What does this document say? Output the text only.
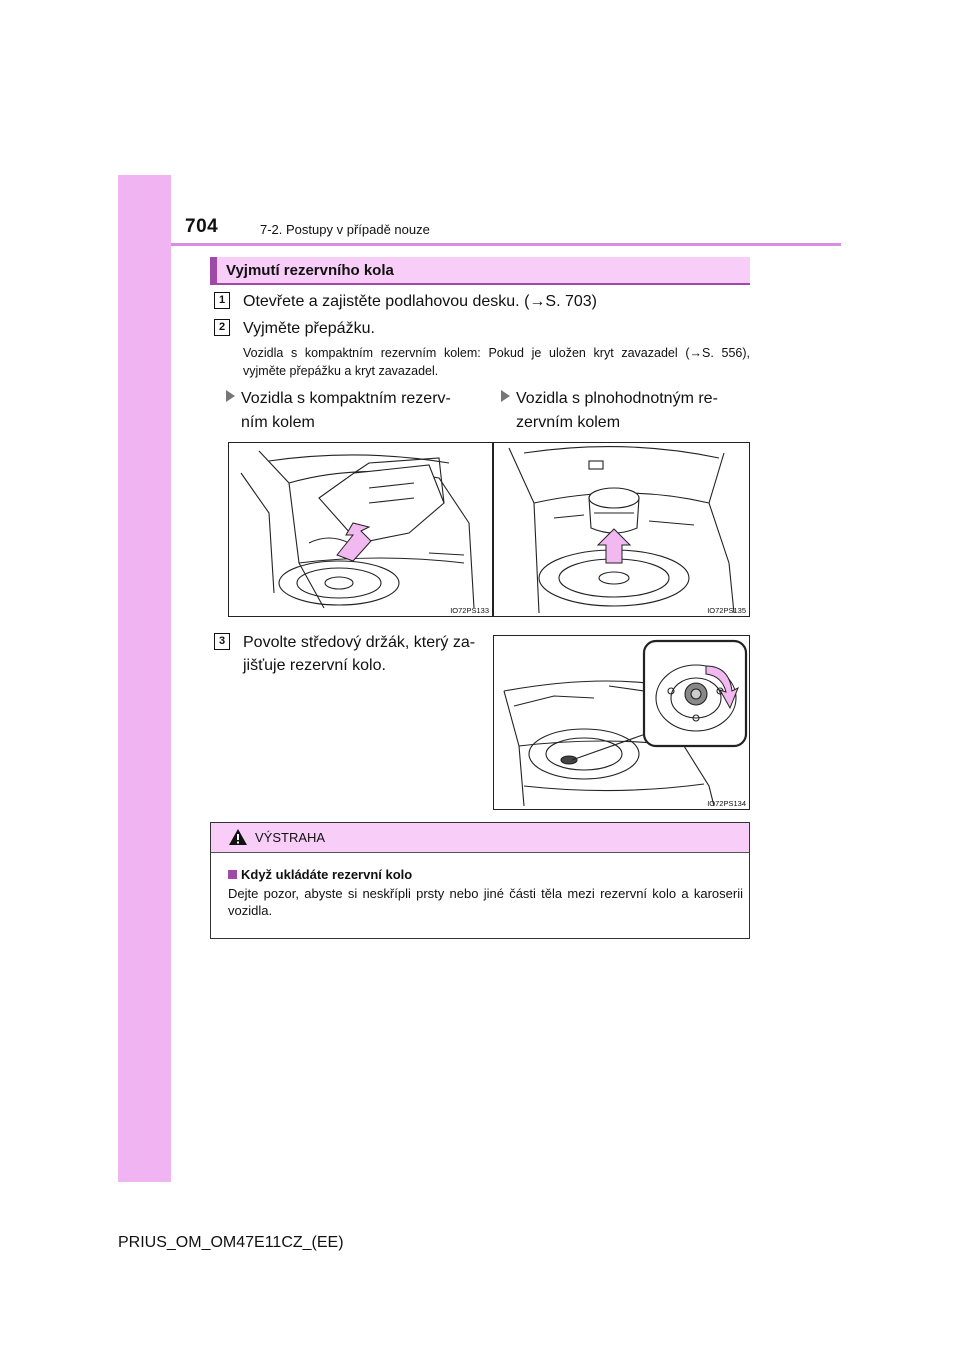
704	7-2. Postupy v případě nouze
Vyjmutí rezervního kola
1	Otevřete a zajistěte podlahovou desku. (→S. 703)
2	Vyjměte přepážku.
Vozidla s kompaktním rezervním kolem: Pokud je uložen kryt zavazadel (→S. 556), vyjměte přepážku a kryt zavazadel.
Vozidla s kompaktním rezerv-
ním kolem
Vozidla s plnohodnotným re-
zervním kolem
IO72PS133	IO72PS135
3	Povolte středový držák, který za-
jišťuje rezervní kolo.
IO72PS134
VÝSTRAHA
Když ukládáte rezervní kolo
Dejte pozor, abyste si neskřípli prsty nebo jiné části těla mezi rezervní kolo a karoserii vozidla.
PRIUS_OM_OM47E11CZ_(EE)
